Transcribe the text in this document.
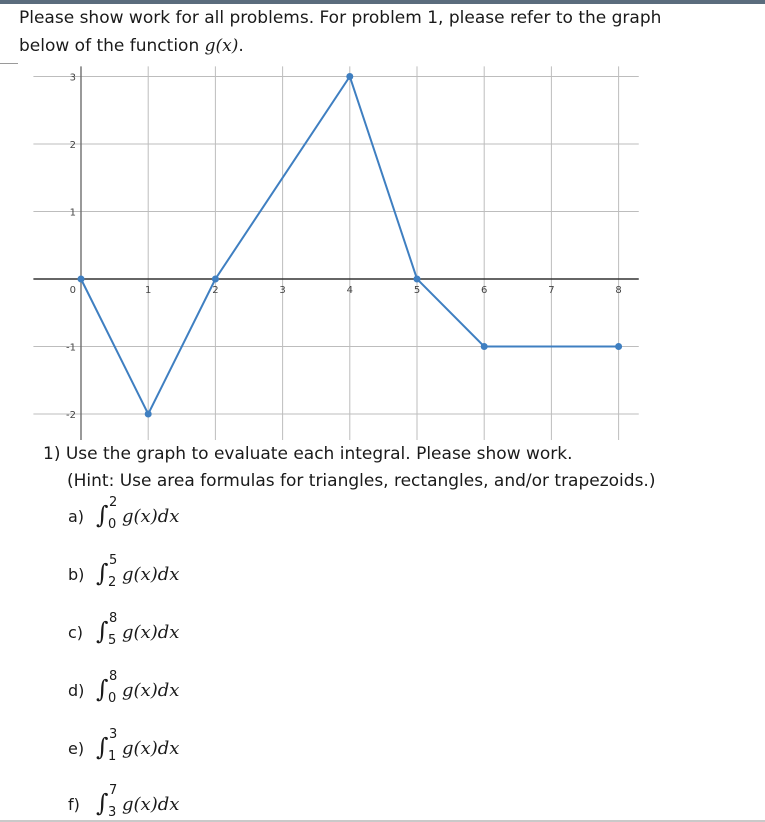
Please show work for all problems. For problem 1, please refer to the graph
below of the function g(x).
1	2	3	4	5	6	7	8
3
2
1
0
-1
-2
1) Use the graph to evaluate each integral. Please show work.
(Hint: Use area formulas for triangles, rectangles, and/or trapezoids.)
a) ∫ 2
0 g(x)dx
b) ∫ 5
2 g(x)dx
c) ∫ 8
5 g(x)dx
d) ∫ 8
0 g(x)dx
e) ∫ 3
1 g(x)dx
f) ∫ 7
3 g(x)dx
